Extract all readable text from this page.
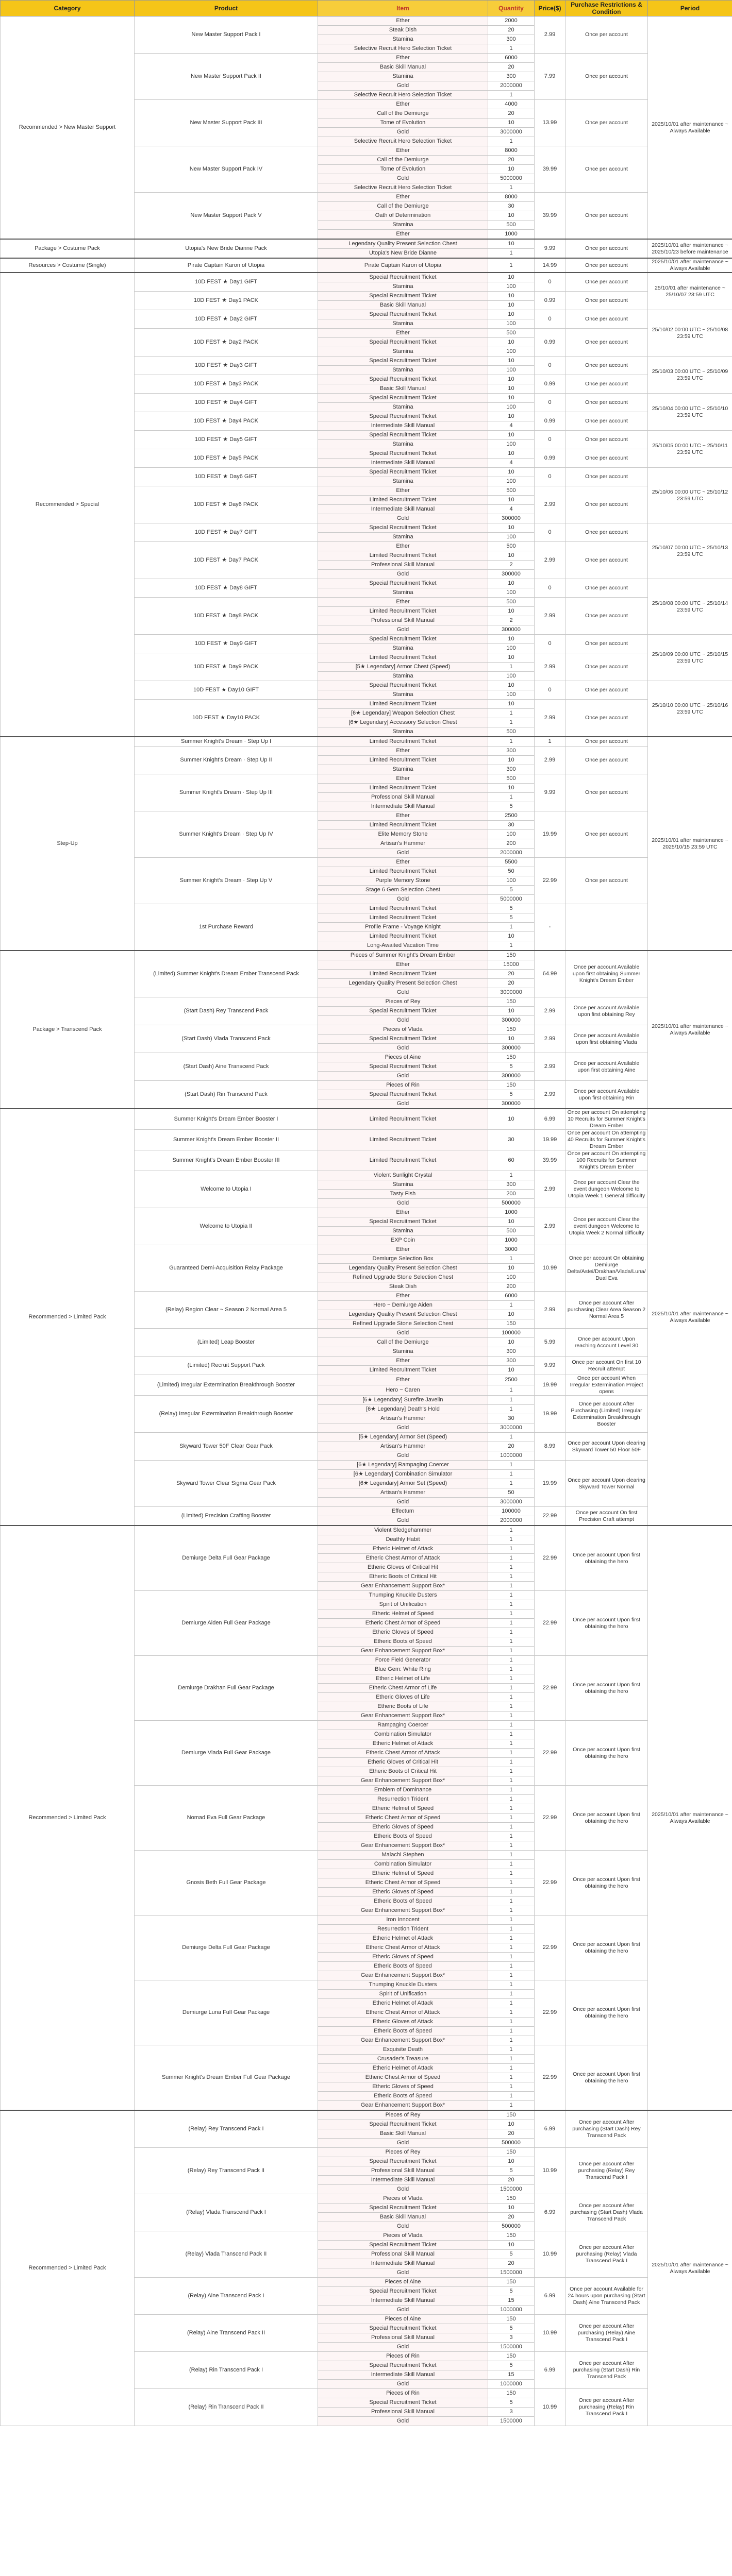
Category	Product	Item	Quantity	Price($)	Purchase Restrictions & Condition	Period
Recommended > New Master Support	New Master Support Pack I	Ether	2000	2.99	Once per account	2025/10/01 after maintenance ~ Always Available
		Steak Dish	20			
		Stamina	300			
		Selective Recruit Hero Selection Ticket	1			
	New Master Support Pack II	Ether	6000	7.99	Once per account	
		Basic Skill Manual	20			
		Stamina	300			
		Gold	2000000			
		Selective Recruit Hero Selection Ticket	1			
	New Master Support Pack III	Ether	4000	13.99	Once per account	
		Call of the Demiurge	20			
		Tome of Evolution	10			
		Gold	3000000			
		Selective Recruit Hero Selection Ticket	1			
	New Master Support Pack IV	Ether	8000	39.99	Once per account	
		Call of the Demiurge	20			
		Tome of Evolution	10			
		Gold	5000000			
		Selective Recruit Hero Selection Ticket	1			
	New Master Support Pack V	Ether	8000	39.99	Once per account	
		Call of the Demiurge	30			
		Oath of Determination	10			
		Stamina	500			
		Ether	1000			
Package > Costume Pack	Utopia's New Bride Dianne Pack	Legendary Quality Present Selection Chest	10	9.99	Once per account	2025/10/01 after maintenance ~ 2025/10/23 before maintenance
		Utopia's New Bride Dianne	1			
Resources > Costume (Single)	Pirate Captain Karon of Utopia	Pirate Captain Karon of Utopia	1	14.99	Once per account	2025/10/01 after maintenance ~ Always Available
Recommended > Special	10D FEST ★ Day1 GIFT	Special Recruitment Ticket	10	0	Once per account	25/10/01 after maintenance ~ 25/10/07 23:59 UTC
		Stamina	100			
	10D FEST ★ Day1 PACK	Special Recruitment Ticket	10	0.99	Once per account	
		Basic Skill Manual	10			
	10D FEST ★ Day2 GIFT	Special Recruitment Ticket	10	0	Once per account	25/10/02 00:00 UTC ~ 25/10/08 23:59 UTC
		Stamina	100			
	10D FEST ★ Day2 PACK	Ether	500	0.99	Once per account	
		Special Recruitment Ticket	10			
		Stamina	100			
	10D FEST ★ Day3 GIFT	Special Recruitment Ticket	10	0	Once per account	25/10/03 00:00 UTC ~ 25/10/09 23:59 UTC
		Stamina	100			
	10D FEST ★ Day3 PACK	Special Recruitment Ticket	10	0.99	Once per account	
		Basic Skill Manual	10			
	10D FEST ★ Day4 GIFT	Special Recruitment Ticket	10	0	Once per account	25/10/04 00:00 UTC ~ 25/10/10 23:59 UTC
		Stamina	100			
	10D FEST ★ Day4 PACK	Special Recruitment Ticket	10	0.99	Once per account	
		Intermediate Skill Manual	4			
	10D FEST ★ Day5 GIFT	Special Recruitment Ticket	10	0	Once per account	25/10/05 00:00 UTC ~ 25/10/11 23:59 UTC
		Stamina	100			
	10D FEST ★ Day5 PACK	Special Recruitment Ticket	10	0.99	Once per account	
		Intermediate Skill Manual	4			
	10D FEST ★ Day6 GIFT	Special Recruitment Ticket	10	0	Once per account	25/10/06 00:00 UTC ~ 25/10/12 23:59 UTC
		Stamina	100			
	10D FEST ★ Day6 PACK	Ether	500	2.99	Once per account	
		Limited Recruitment Ticket	10			
		Intermediate Skill Manual	4			
		Gold	300000			
	10D FEST ★ Day7 GIFT	Special Recruitment Ticket	10	0	Once per account	25/10/07 00:00 UTC ~ 25/10/13 23:59 UTC
		Stamina	100			
	10D FEST ★ Day7 PACK	Ether	500	2.99	Once per account	
		Limited Recruitment Ticket	10			
		Professional Skill Manual	2			
		Gold	300000			
	10D FEST ★ Day8 GIFT	Special Recruitment Ticket	10	0	Once per account	25/10/08 00:00 UTC ~ 25/10/14 23:59 UTC
		Stamina	100			
	10D FEST ★ Day8 PACK	Ether	500	2.99	Once per account	
		Limited Recruitment Ticket	10			
		Professional Skill Manual	2			
		Gold	300000			
	10D FEST ★ Day9 GIFT	Special Recruitment Ticket	10	0	Once per account	25/10/09 00:00 UTC ~ 25/10/15 23:59 UTC
		Stamina	100			
	10D FEST ★ Day9 PACK	Limited Recruitment Ticket	10	2.99	Once per account	
		[5★ Legendary] Armor Chest (Speed)	1			
		Stamina	100			
	10D FEST ★ Day10 GIFT	Special Recruitment Ticket	10	0	Once per account	25/10/10 00:00 UTC ~ 25/10/16 23:59 UTC
		Stamina	100			
	10D FEST ★ Day10 PACK	Limited Recruitment Ticket	10	2.99	Once per account	
		[6★ Legendary] Weapon Selection Chest	1			
		[6★ Legendary] Accessory Selection Chest	1			
		Stamina	500			
Step-Up	Summer Knight's Dream · Step Up I	Limited Recruitment Ticket	1	1	Once per account	2025/10/01 after maintenance ~ 2025/10/15 23:59 UTC
	Summer Knight's Dream · Step Up II	Ether	300	2.99	Once per account	
		Limited Recruitment Ticket	10			
		Stamina	300			
	Summer Knight's Dream · Step Up III	Ether	500	9.99	Once per account	
		Limited Recruitment Ticket	10			
		Professional Skill Manual	1			
		Intermediate Skill Manual	5			
	Summer Knight's Dream · Step Up IV	Ether	2500	19.99	Once per account	
		Limited Recruitment Ticket	30			
		Elite Memory Stone	100			
		Artisan's Hammer	200			
		Gold	2000000			
	Summer Knight's Dream · Step Up V	Ether	5500	22.99	Once per account	
		Limited Recruitment Ticket	50			
		Purple Memory Stone	100			
		Stage 6 Gem Selection Chest	5			
		Gold	5000000			
	1st Purchase Reward	Limited Recruitment Ticket	5	-		
		Limited Recruitment Ticket	5			
		Profile Frame - Voyage Knight	1			
		Limited Recruitment Ticket	10			
		Long-Awaited Vacation Time	1			
Package > Transcend Pack	(Limited) Summer Knight's Dream Ember Transcend Pack	Pieces of Summer Knight's Dream Ember	150	64.99	Once per account Available upon first obtaining Summer Knight's Dream Ember	2025/10/01 after maintenance ~ Always Available
		Ether	15000			
		Limited Recruitment Ticket	20			
		Legendary Quality Present Selection Chest	20			
		Gold	3000000			
	(Start Dash) Rey Transcend Pack	Pieces of Rey	150	2.99	Once per account Available upon first obtaining Rey	
		Special Recruitment Ticket	10			
		Gold	300000			
	(Start Dash) Vlada Transcend Pack	Pieces of Vlada	150	2.99	Once per account Available upon first obtaining Vlada	
		Special Recruitment Ticket	10			
		Gold	300000			
	(Start Dash) Aine Transcend Pack	Pieces of Aine	150	2.99	Once per account Available upon first obtaining Aine	
		Special Recruitment Ticket	5			
		Gold	300000			
	(Start Dash) Rin Transcend Pack	Pieces of Rin	150	2.99	Once per account Available upon first obtaining Rin	
		Special Recruitment Ticket	5			
		Gold	300000			
Recommended > Limited Pack	Summer Knight's Dream Ember Booster I	Limited Recruitment Ticket	10	6.99	Once per account On attempting 10 Recruits for Summer Knight's Dream Ember	2025/10/01 after maintenance ~ Always Available
	Summer Knight's Dream Ember Booster II	Limited Recruitment Ticket	30	19.99	Once per account On attempting 40 Recruits for Summer Knight's Dream Ember	
	Summer Knight's Dream Ember Booster III	Limited Recruitment Ticket	60	39.99	Once per account On attempting 100 Recruits for Summer Knight's Dream Ember	
	Welcome to Utopia I	Violent Sunlight Crystal	1	2.99	Once per account Clear the event dungeon Welcome to Utopia Week 1 General difficulty	
		Stamina	300			
		Tasty Fish	200			
		Gold	500000			
	Welcome to Utopia II	Ether	1000	2.99	Once per account Clear the event dungeon Welcome to Utopia Week 2 Normal difficulty	
		Special Recruitment Ticket	10			
		Stamina	500			
		EXP Coin	1000			
	Guaranteed Demi-Acquisition Relay Package	Ether	3000	10.99	Once per account On obtaining Demiurge Delta/Astei/Drakhan/Vlada/Luna/ Dual Eva	
		Demiurge Selection Box	1			
		Legendary Quality Present Selection Chest	10			
		Refined Upgrade Stone Selection Chest	100			
		Steak Dish	200			
	(Relay) Region Clear ~ Season 2 Normal Area 5	Ether	6000	2.99	Once per account After purchasing Clear Area Season 2 Normal Area 5	
		Hero ~ Demiurge Aiden	1			
		Legendary Quality Present Selection Chest	10			
		Refined Upgrade Stone Selection Chest	150			
	(Limited) Leap Booster	Gold	100000	5.99	Once per account Upon reaching Account Level 30	
		Call of the Demiurge	10			
		Stamina	300			
	(Limited) Recruit Support Pack	Ether	300	9.99	Once per account On first 10 Recruit attempt	
		Limited Recruitment Ticket	10			
	(Limited) Irregular Extermination Breakthrough Booster	Ether	2500	19.99	Once per account When Irregular Extermination Project opens	
		Hero ~ Caren	1			
	(Relay) Irregular Extermination Breakthrough Booster	[6★ Legendary] Surefire Javelin	1	19.99	Once per account After Purchasing (Limited) Irregular Extermination Breakthrough Booster	
		[6★ Legendary] Death's Hold	1			
		Artisan's Hammer	30			
		Gold	3000000			
	Skyward Tower 50F Clear Gear Pack	[5★ Legendary] Armor Set (Speed)	1	8.99	Once per account Upon clearing Skyward Tower 50 Floor 50F	
		Artisan's Hammer	20			
		Gold	1000000			
	Skyward Tower Clear Sigma Gear Pack	[6★ Legendary] Rampaging Coercer	1	19.99	Once per account Upon clearing Skyward Tower Normal	
		[6★ Legendary] Combination Simulator	1			
		[6★ Legendary] Armor Set (Speed)	1			
		Artisan's Hammer	50			
		Gold	3000000			
	(Limited) Precision Crafting Booster	Effectum	100000	22.99	Once per account On first Precision Craft attempt	
		Gold	2000000			
Recommended > Limited Pack	Demiurge Delta Full Gear Package	Violent Sledgehammer	1	22.99	Once per account Upon first obtaining the hero	2025/10/01 after maintenance ~ Always Available
		Deathly Habit	1			
		Etheric Helmet of Attack	1			
		Etheric Chest Armor of Attack	1			
		Etheric Gloves of Critical Hit	1			
		Etheric Boots of Critical Hit	1			
		Gear Enhancement Support Box*	1			
	Demiurge Aiden Full Gear Package	Thumping Knuckle Dusters	1	22.99	Once per account Upon first obtaining the hero	
		Spirit of Unification	1			
		Etheric Helmet of Speed	1			
		Etheric Chest Armor of Speed	1			
		Etheric Gloves of Speed	1			
		Etheric Boots of Speed	1			
		Gear Enhancement Support Box*	1			
	Demiurge Drakhan Full Gear Package	Force Field Generator	1	22.99	Once per account Upon first obtaining the hero	
		Blue Gem: White Ring	1			
		Etheric Helmet of Life	1			
		Etheric Chest Armor of Life	1			
		Etheric Gloves of Life	1			
		Etheric Boots of Life	1			
		Gear Enhancement Support Box*	1			
	Demiurge Vlada Full Gear Package	Rampaging Coercer	1	22.99	Once per account Upon first obtaining the hero	
		Combination Simulator	1			
		Etheric Helmet of Attack	1			
		Etheric Chest Armor of Attack	1			
		Etheric Gloves of Critical Hit	1			
		Etheric Boots of Critical Hit	1			
		Gear Enhancement Support Box*	1			
	Nomad Eva Full Gear Package	Emblem of Dominance	1	22.99	Once per account Upon first obtaining the hero	
		Resurrection Trident	1			
		Etheric Helmet of Speed	1			
		Etheric Chest Armor of Speed	1			
		Etheric Gloves of Speed	1			
		Etheric Boots of Speed	1			
		Gear Enhancement Support Box*	1			
	Gnosis Beth Full Gear Package	Malachi Stephen	1	22.99	Once per account Upon first obtaining the hero	
		Combination Simulator	1			
		Etheric Helmet of Speed	1			
		Etheric Chest Armor of Speed	1			
		Etheric Gloves of Speed	1			
		Etheric Boots of Speed	1			
		Gear Enhancement Support Box*	1			
	Demiurge Delta Full Gear Package	Iron Innocent	1	22.99	Once per account Upon first obtaining the hero	
		Resurrection Trident	1			
		Etheric Helmet of Attack	1			
		Etheric Chest Armor of Attack	1			
		Etheric Gloves of Speed	1			
		Etheric Boots of Speed	1			
		Gear Enhancement Support Box*	1			
	Demiurge Luna Full Gear Package	Thumping Knuckle Dusters	1	22.99	Once per account Upon first obtaining the hero	
		Spirit of Unification	1			
		Etheric Helmet of Attack	1			
		Etheric Chest Armor of Attack	1			
		Etheric Gloves of Attack	1			
		Etheric Boots of Speed	1			
		Gear Enhancement Support Box*	1			
	Summer Knight's Dream Ember Full Gear Package	Exquisite Death	1	22.99	Once per account Upon first obtaining the hero	
		Crusader's Treasure	1			
		Etheric Helmet of Attack	1			
		Etheric Chest Armor of Speed	1			
		Etheric Gloves of Speed	1			
		Etheric Boots of Speed	1			
		Gear Enhancement Support Box*	1			
Recommended > Limited Pack	(Relay) Rey Transcend Pack I	Pieces of Rey	150	6.99	Once per account After purchasing (Start Dash) Rey Transcend Pack	2025/10/01 after maintenance ~ Always Available
		Special Recruitment Ticket	10			
		Basic Skill Manual	20			
		Gold	500000			
	(Relay) Rey Transcend Pack II	Pieces of Rey	150	10.99	Once per account After purchasing (Relay) Rey Transcend Pack I	
		Special Recruitment Ticket	10			
		Professional Skill Manual	5			
		Intermediate Skill Manual	20			
		Gold	1500000			
	(Relay) Vlada Transcend Pack I	Pieces of Vlada	150	6.99	Once per account After purchasing (Start Dash) Vlada Transcend Pack	
		Special Recruitment Ticket	10			
		Basic Skill Manual	20			
		Gold	500000			
	(Relay) Vlada Transcend Pack II	Pieces of Vlada	150	10.99	Once per account After purchasing (Relay) Vlada Transcend Pack I	
		Special Recruitment Ticket	10			
		Professional Skill Manual	5			
		Intermediate Skill Manual	20			
		Gold	1500000			
	(Relay) Aine Transcend Pack I	Pieces of Aine	150	6.99	Once per account Available for 24 hours upon purchasing (Start Dash) Aine Transcend Pack	
		Special Recruitment Ticket	5			
		Intermediate Skill Manual	15			
		Gold	1000000			
	(Relay) Aine Transcend Pack II	Pieces of Aine	150	10.99	Once per account After purchasing (Relay) Aine Transcend Pack I	
		Special Recruitment Ticket	5			
		Professional Skill Manual	3			
		Gold	1500000			
	(Relay) Rin Transcend Pack I	Pieces of Rin	150	6.99	Once per account After purchasing (Start Dash) Rin Transcend Pack	
		Special Recruitment Ticket	5			
		Intermediate Skill Manual	15			
		Gold	1000000			
	(Relay) Rin Transcend Pack II	Pieces of Rin	150	10.99	Once per account After purchasing (Relay) Rin Transcend Pack I	
		Special Recruitment Ticket	5			
		Professional Skill Manual	3			
		Gold	1500000			
